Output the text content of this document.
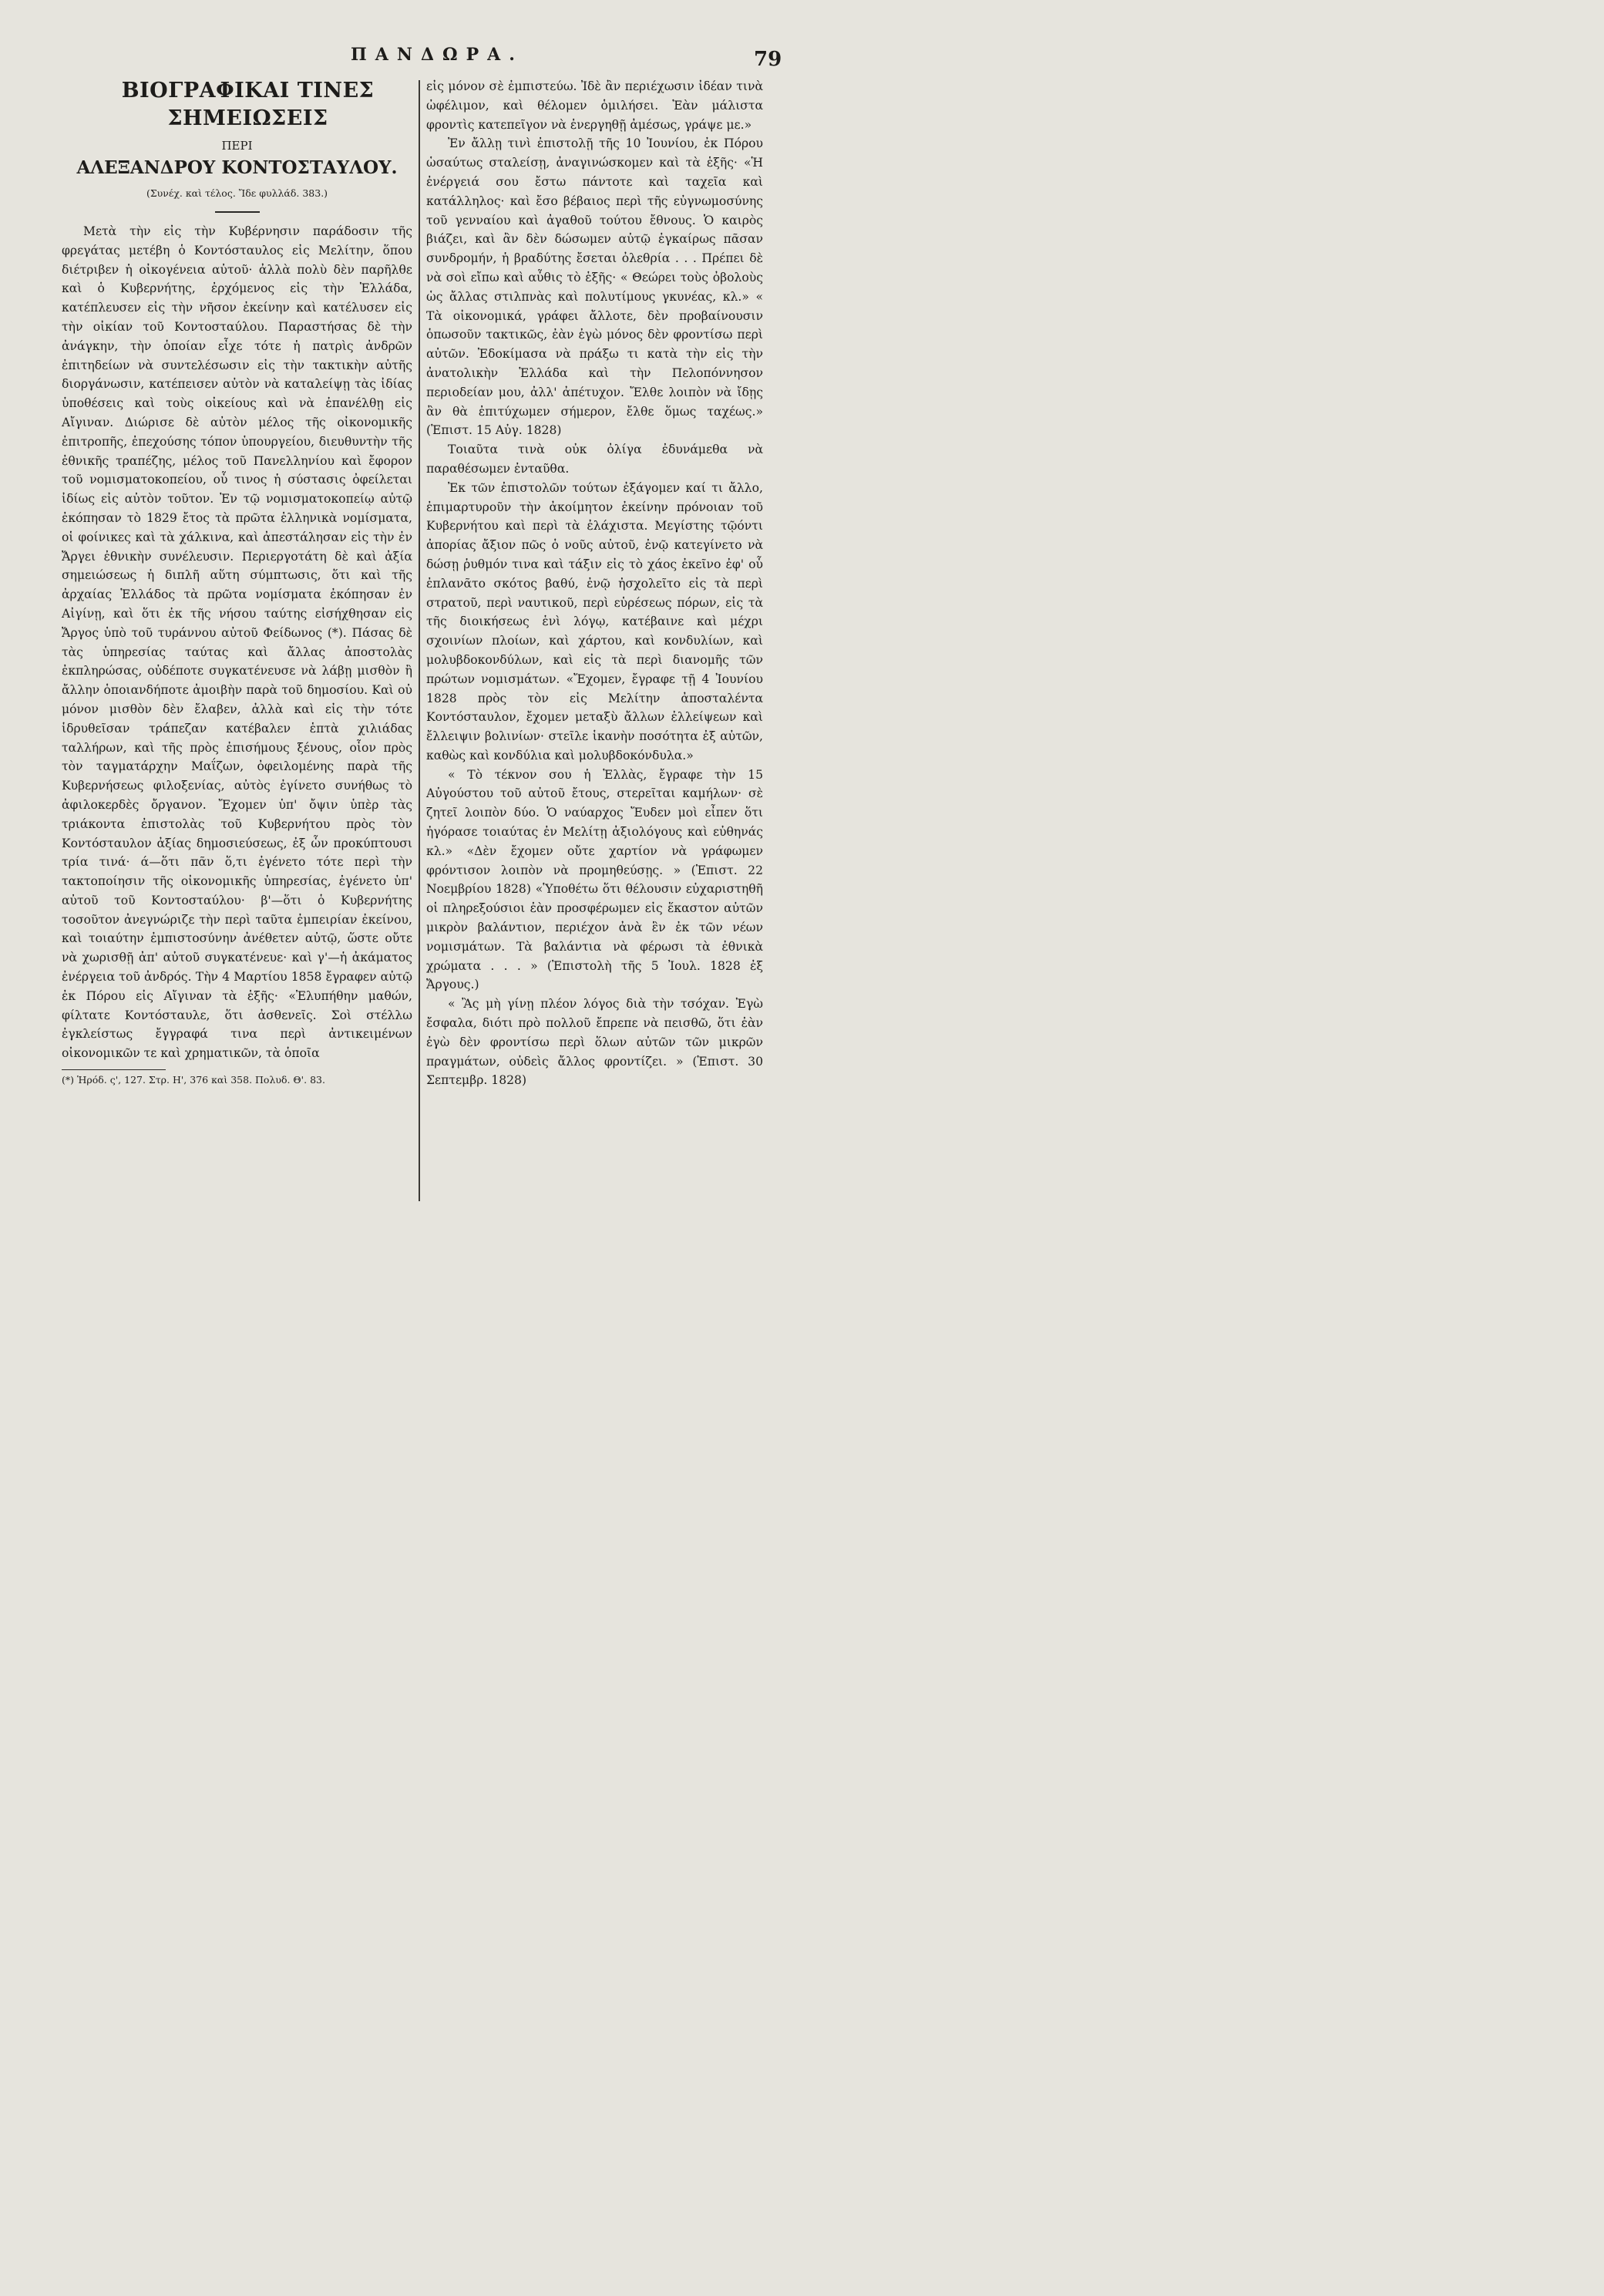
ΠΑΝΔΩΡΑ.	79
ΒΙΟΓΡΑΦΙΚΑΙ ΤΙΝΕΣ ΣΗΜΕΙΩΣΕΙΣ
ΠΕΡΙ
ΑΛΕΞΑΝΔΡΟΥ ΚΟΝΤΟΣΤΑΥΛΟΥ.
(Συνέχ. καὶ τέλος. Ἴδε φυλλάδ. 383.)

Μετὰ τὴν εἰς τὴν Κυβέρνησιν παράδοσιν τῆς φρεγάτας μετέβη ὁ Κοντόσταυλος εἰς Μελίτην, ὅπου διέτριβεν ἡ οἰκογένεια αὐτοῦ· ἀλλὰ πολὺ δὲν παρῆλθε καὶ ὁ Κυβερνήτης, ἐρχόμενος εἰς τὴν Ἑλλάδα, κατέπλευσεν εἰς τὴν νῆσον ἐκείνην καὶ κατέλυσεν εἰς τὴν οἰκίαν τοῦ Κοντοσταύλου. Παραστήσας δὲ τὴν ἀνάγκην, τὴν ὁποίαν εἶχε τότε ἡ πατρὶς ἀνδρῶν ἐπιτηδείων νὰ συντελέσωσιν εἰς τὴν τακτικὴν αὐτῆς διοργάνωσιν, κατέπεισεν αὐτὸν νὰ καταλείψῃ τὰς ἰδίας ὑποθέσεις καὶ τοὺς οἰκείους καὶ νὰ ἐπανέλθῃ εἰς Αἴγιναν. Διώρισε δὲ αὐτὸν μέλος τῆς οἰκονομικῆς ἐπιτροπῆς, ἐπεχούσης τόπον ὑπουργείου, διευθυντὴν τῆς ἐθνικῆς τραπέζης, μέλος τοῦ Πανελληνίου καὶ ἔφορον τοῦ νομισματοκοπείου, οὗ τινος ἡ σύστασις ὀφείλεται ἰδίως εἰς αὐτὸν τοῦτον. Ἐν τῷ νομισματοκοπείῳ αὐτῷ ἐκόπησαν τὸ 1829 ἔτος τὰ πρῶτα ἑλληνικὰ νομίσματα, οἱ φοίνικες καὶ τὰ χάλκινα, καὶ ἀπεστάλησαν εἰς τὴν ἐν Ἄργει ἐθνικὴν συνέλευσιν. Περιεργοτάτη δὲ καὶ ἀξία σημειώσεως ἡ διπλῆ αὕτη σύμπτωσις, ὅτι καὶ τῆς ἀρχαίας Ἑλλάδος τὰ πρῶτα νομίσματα ἐκόπησαν ἐν Αἰγίνῃ, καὶ ὅτι ἐκ τῆς νήσου ταύτης εἰσήχθησαν εἰς Ἄργος ὑπὸ τοῦ τυράννου αὐτοῦ Φείδωνος (*). Πάσας δὲ τὰς ὑπηρεσίας ταύτας καὶ ἄλλας ἀποστολὰς ἐκπληρώσας, οὐδέποτε συγκατένευσε νὰ λάβῃ μισθὸν ἢ ἄλλην ὁποιανδήποτε ἀμοιβὴν παρὰ τοῦ δημοσίου. Καὶ οὐ μόνον μισθὸν δὲν ἔλαβεν, ἀλλὰ καὶ εἰς τὴν τότε ἱδρυθεῖσαν τράπεζαν κατέβαλεν ἑπτὰ χιλιάδας ταλλήρων, καὶ τῆς πρὸς ἐπισήμους ξένους, οἷον πρὸς τὸν ταγματάρχην Μαΐζων, ὀφειλομένης παρὰ τῆς Κυβερνήσεως φιλοξενίας, αὐτὸς ἐγίνετο συνήθως τὸ ἀφιλοκερδὲς ὄργανον. Ἔχομεν ὑπ' ὄψιν ὑπὲρ τὰς τριάκοντα ἐπιστολὰς τοῦ Κυβερνήτου πρὸς τὸν Κοντόσταυλον ἀξίας δημοσιεύσεως, ἐξ ὧν προκύπτουσι τρία τινά· ά—ὅτι πᾶν ὅ,τι ἐγένετο τότε περὶ τὴν τακτοποίησιν τῆς οἰκονομικῆς ὑπηρεσίας, ἐγένετο ὑπ' αὐτοῦ τοῦ Κοντοσταύλου· β'—ὅτι ὁ Κυβερνήτης τοσοῦτον ἀνεγνώριζε τὴν περὶ ταῦτα ἐμπειρίαν ἐκείνου, καὶ τοιαύτην ἐμπιστοσύνην ἀνέθετεν αὐτῷ, ὥστε οὔτε νὰ χωρισθῇ ἀπ' αὐτοῦ συγκατένευε· καὶ γ'—ἡ ἀκάματος ἐνέργεια τοῦ ἀνδρός. Τὴν 4 Μαρτίου 1858 ἔγραφεν αὐτῷ ἐκ Πόρου εἰς Αἴγιναν τὰ ἑξῆς· «Ἐλυπήθην μαθών, φίλτατε Κοντόσταυλε, ὅτι ἀσθενεῖς. Σοὶ στέλλω ἐγκλείστως ἔγγραφά τινα περὶ ἀντικειμένων οἰκονομικῶν τε καὶ χρηματικῶν, τὰ ὁποῖα

(*) Ἡρόδ. ς', 127. Στρ. Η', 376 καὶ 358. Πολυδ. Θ'. 83.

εἰς μόνον σὲ ἐμπιστεύω. Ἰδὲ ἂν περιέχωσιν ἰδέαν τινὰ ὠφέλιμον, καὶ θέλομεν ὁμιλήσει. Ἐὰν μάλιστα φροντὶς κατεπεῖγον νὰ ἐνεργηθῇ ἀμέσως, γράψε με.»

Ἐν ἄλλῃ τινὶ ἐπιστολῇ τῆς 10 Ἰουνίου, ἐκ Πόρου ὡσαύτως σταλείσῃ, ἀναγινώσκομεν καὶ τὰ ἑξῆς· «Ἡ ἐνέργειά σου ἔστω πάντοτε καὶ ταχεῖα καὶ κατάλληλος· καὶ ἔσο βέβαιος περὶ τῆς εὐγνωμοσύνης τοῦ γενναίου καὶ ἀγαθοῦ τούτου ἔθνους. Ὁ καιρὸς βιάζει, καὶ ἂν δὲν δώσωμεν αὐτῷ ἐγκαίρως πᾶσαν συνδρομήν, ἡ βραδύτης ἔσεται ὀλεθρία . . . Πρέπει δὲ νὰ σοὶ εἴπω καὶ αὖθις τὸ ἑξῆς· « Θεώρει τοὺς ὀβολοὺς ὡς ἄλλας στιλπνὰς καὶ πολυτίμους γκυνέας, κλ.» « Τὰ οἰκονομικά, γράφει ἄλλοτε, δὲν προβαίνουσιν ὁπωσοῦν τακτικῶς, ἐὰν ἐγὼ μόνος δὲν φροντίσω περὶ αὐτῶν. Ἐδοκίμασα νὰ πράξω τι κατὰ τὴν εἰς τὴν ἀνατολικὴν Ἑλλάδα καὶ τὴν Πελοπόννησον περιοδείαν μου, ἀλλ' ἀπέτυχον. Ἔλθε λοιπὸν νὰ ἴδῃς ἂν θὰ ἐπιτύχωμεν σήμερον, ἔλθε ὅμως ταχέως.» (Ἐπιστ. 15 Αὐγ. 1828)

Τοιαῦτα τινὰ οὐκ ὀλίγα ἐδυνάμεθα νὰ παραθέσωμεν ἐνταῦθα.

Ἐκ τῶν ἐπιστολῶν τούτων ἐξάγομεν καί τι ἄλλο, ἐπιμαρτυροῦν τὴν ἀκοίμητον ἐκείνην πρόνοιαν τοῦ Κυβερνήτου καὶ περὶ τὰ ἐλάχιστα. Μεγίστης τῷόντι ἀπορίας ἄξιον πῶς ὁ νοῦς αὐτοῦ, ἐνῷ κατεγίνετο νὰ δώσῃ ῥυθμόν τινα καὶ τάξιν εἰς τὸ χάος ἐκεῖνο ἐφ' οὗ ἐπλανᾶτο σκότος βαθύ, ἐνῷ ἠσχολεῖτο εἰς τὰ περὶ στρατοῦ, περὶ ναυτικοῦ, περὶ εὑρέσεως πόρων, εἰς τὰ τῆς διοικήσεως ἑνὶ λόγῳ, κατέβαινε καὶ μέχρι σχοινίων πλοίων, καὶ χάρτου, καὶ κονδυλίων, καὶ μολυβδοκονδύλων, καὶ εἰς τὰ περὶ διανομῆς τῶν πρώτων νομισμάτων. «Ἔχομεν, ἔγραφε τῇ 4 Ἰουνίου 1828 πρὸς τὸν εἰς Μελίτην ἀποσταλέντα Κοντόσταυλον, ἔχομεν μεταξὺ ἄλλων ἐλλείψεων καὶ ἔλλειψιν βολινίων· στεῖλε ἱκανὴν ποσότητα ἐξ αὐτῶν, καθὼς καὶ κονδύλια καὶ μολυβδοκόνδυλα.»

« Τὸ τέκνον σου ἡ Ἑλλὰς, ἔγραφε τὴν 15 Αὐγούστου τοῦ αὐτοῦ ἔτους, στερεῖται καμήλων· σὲ ζητεῖ λοιπὸν δύο. Ὁ ναύαρχος Ἔυδεν μοὶ εἶπεν ὅτι ἠγόρασε τοιαύτας ἐν Μελίτῃ ἀξιολόγους καὶ εὐθηνάς κλ.» «Δὲν ἔχομεν οὔτε χαρτίον νὰ γράφωμεν φρόντισον λοιπὸν νὰ προμηθεύσῃς. » (Ἐπιστ. 22 Νοεμβρίου 1828) «Ὑποθέτω ὅτι θέλουσιν εὐχαριστηθῆ οἱ πληρεξούσιοι ἐὰν προσφέρωμεν εἰς ἕκαστον αὐτῶν μικρὸν βαλάντιον, περιέχον ἀνὰ ἓν ἐκ τῶν νέων νομισμάτων. Τὰ βαλάντια νὰ φέρωσι τὰ ἐθνικὰ χρώματα . . . » (Ἐπιστολὴ τῆς 5 Ἰουλ. 1828 ἐξ Ἄργους.)

« Ἂς μὴ γίνῃ πλέον λόγος διὰ τὴν τσόχαν. Ἐγὼ ἔσφαλα, διότι πρὸ πολλοῦ ἔπρεπε νὰ πεισθῶ, ὅτι ἐὰν ἐγὼ δὲν φροντίσω περὶ ὅλων αὐτῶν τῶν μικρῶν πραγμάτων, οὐδεὶς ἄλλος φροντίζει. » (Ἐπιστ. 30 Σεπτεμβρ. 1828)
